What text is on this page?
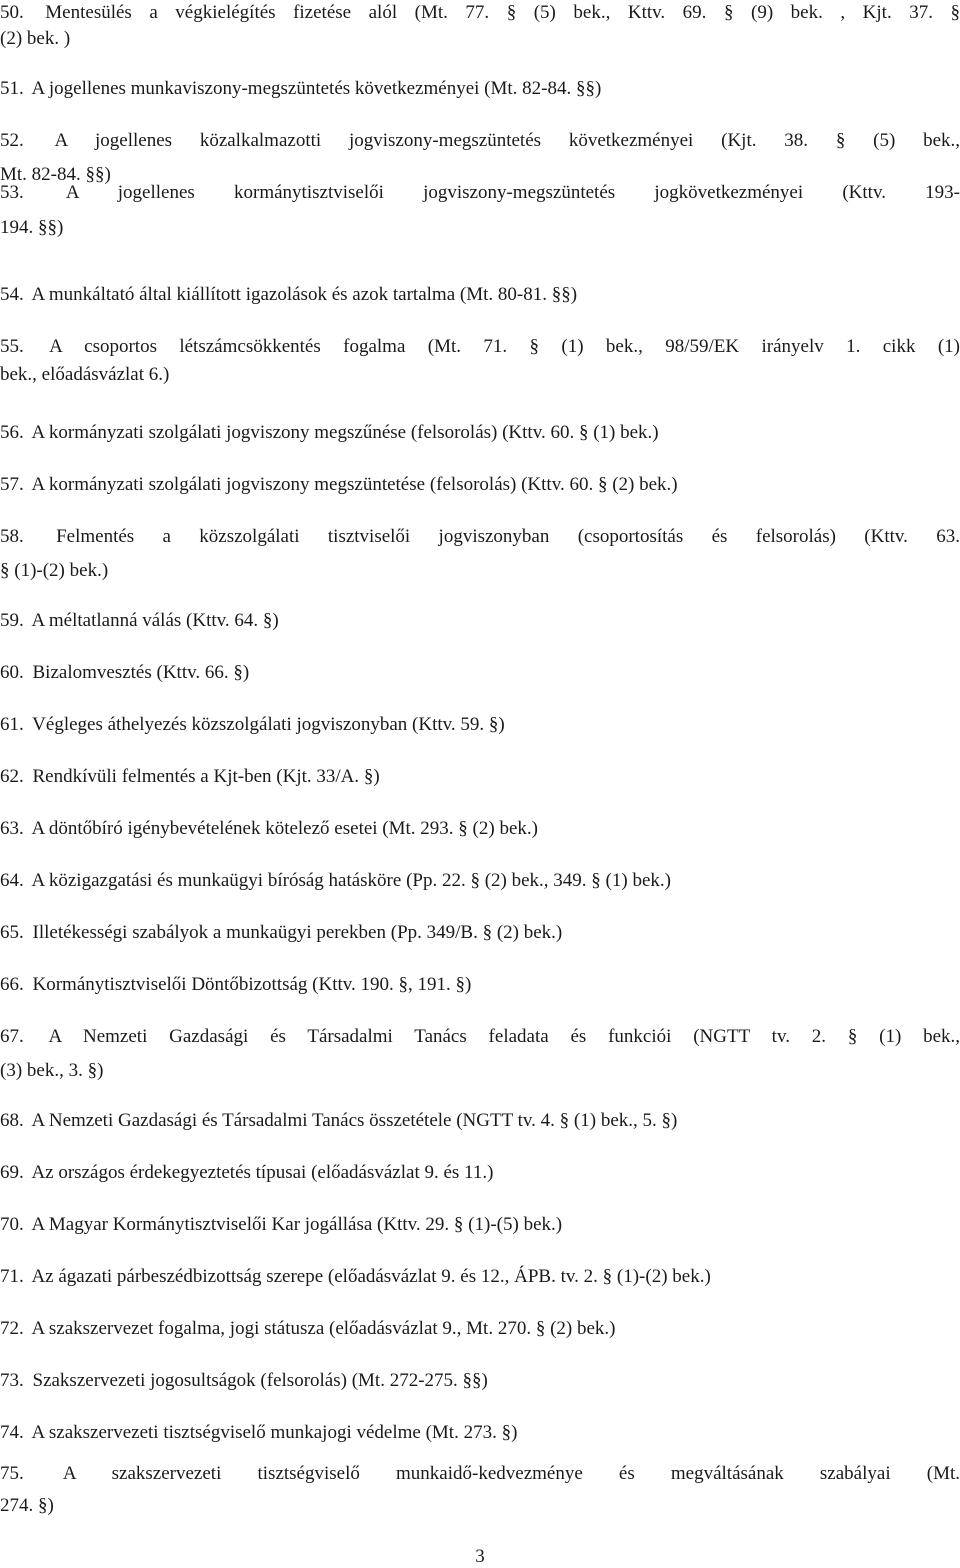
50. Mentesülés a végkielégítés fizetése alól (Mt. 77. § (5) bek., Kttv. 69. § (9) bek. , Kjt. 37. §
(2) bek. )
51. A jogellenes munkaviszony-megszüntetés következményei (Mt. 82-84. §§)
52. A jogellenes közalkalmazotti jogviszony-megszüntetés következményei (Kjt. 38. § (5) bek.,
Mt. 82-84. §§)
53. A jogellenes kormánytisztviselői jogviszony-megszüntetés jogkövetkezményei (Kttv. 193-
194. §§)
54. A munkáltató által kiállított igazolások és azok tartalma (Mt. 80-81. §§)
55. A csoportos létszámcsökkentés fogalma (Mt. 71. § (1) bek., 98/59/EK irányelv 1. cikk (1)
bek., előadásvázlat 6.)
56. A kormányzati szolgálati jogviszony megszűnése (felsorolás) (Kttv. 60. § (1) bek.)
57. A kormányzati szolgálati jogviszony megszüntetése (felsorolás) (Kttv. 60. § (2) bek.)
58. Felmentés a közszolgálati tisztviselői jogviszonyban (csoportosítás és felsorolás) (Kttv. 63.
§ (1)-(2) bek.)
59. A méltatlanná válás (Kttv. 64. §)
60. Bizalomvesztés (Kttv. 66. §)
61. Végleges áthelyezés közszolgálati jogviszonyban (Kttv. 59. §)
62. Rendkívüli felmentés a Kjt-ben (Kjt. 33/A. §)
63. A döntőbíró igénybevételének kötelező esetei (Mt. 293. § (2) bek.)
64. A közigazgatási és munkaügyi bíróság hatásköre (Pp. 22. § (2) bek., 349. § (1) bek.)
65. Illetékességi szabályok a munkaügyi perekben (Pp. 349/B. § (2) bek.)
66. Kormánytisztviselői Döntőbizottság (Kttv. 190. §, 191. §)
67. A Nemzeti Gazdasági és Társadalmi Tanács feladata és funkciói (NGTT tv. 2. § (1) bek.,
(3) bek., 3. §)
68. A Nemzeti Gazdasági és Társadalmi Tanács összetétele (NGTT tv. 4. § (1) bek., 5. §)
69. Az országos érdekegyeztetés típusai (előadásvázlat 9. és 11.)
70. A Magyar Kormánytisztviselői Kar jogállása (Kttv. 29. § (1)-(5) bek.)
71. Az ágazati párbeszédbizottság szerepe (előadásvázlat 9. és 12., ÁPB. tv. 2. § (1)-(2) bek.)
72. A szakszervezet fogalma, jogi státusza (előadásvázlat 9., Mt. 270. § (2) bek.)
73. Szakszervezeti jogosultságok (felsorolás) (Mt. 272-275. §§)
74. A szakszervezeti tisztségviselő munkajogi védelme (Mt. 273. §)
75. A szakszervezeti tisztségviselő munkaidő-kedvezménye és megváltásának szabályai (Mt.
274. §)
3
